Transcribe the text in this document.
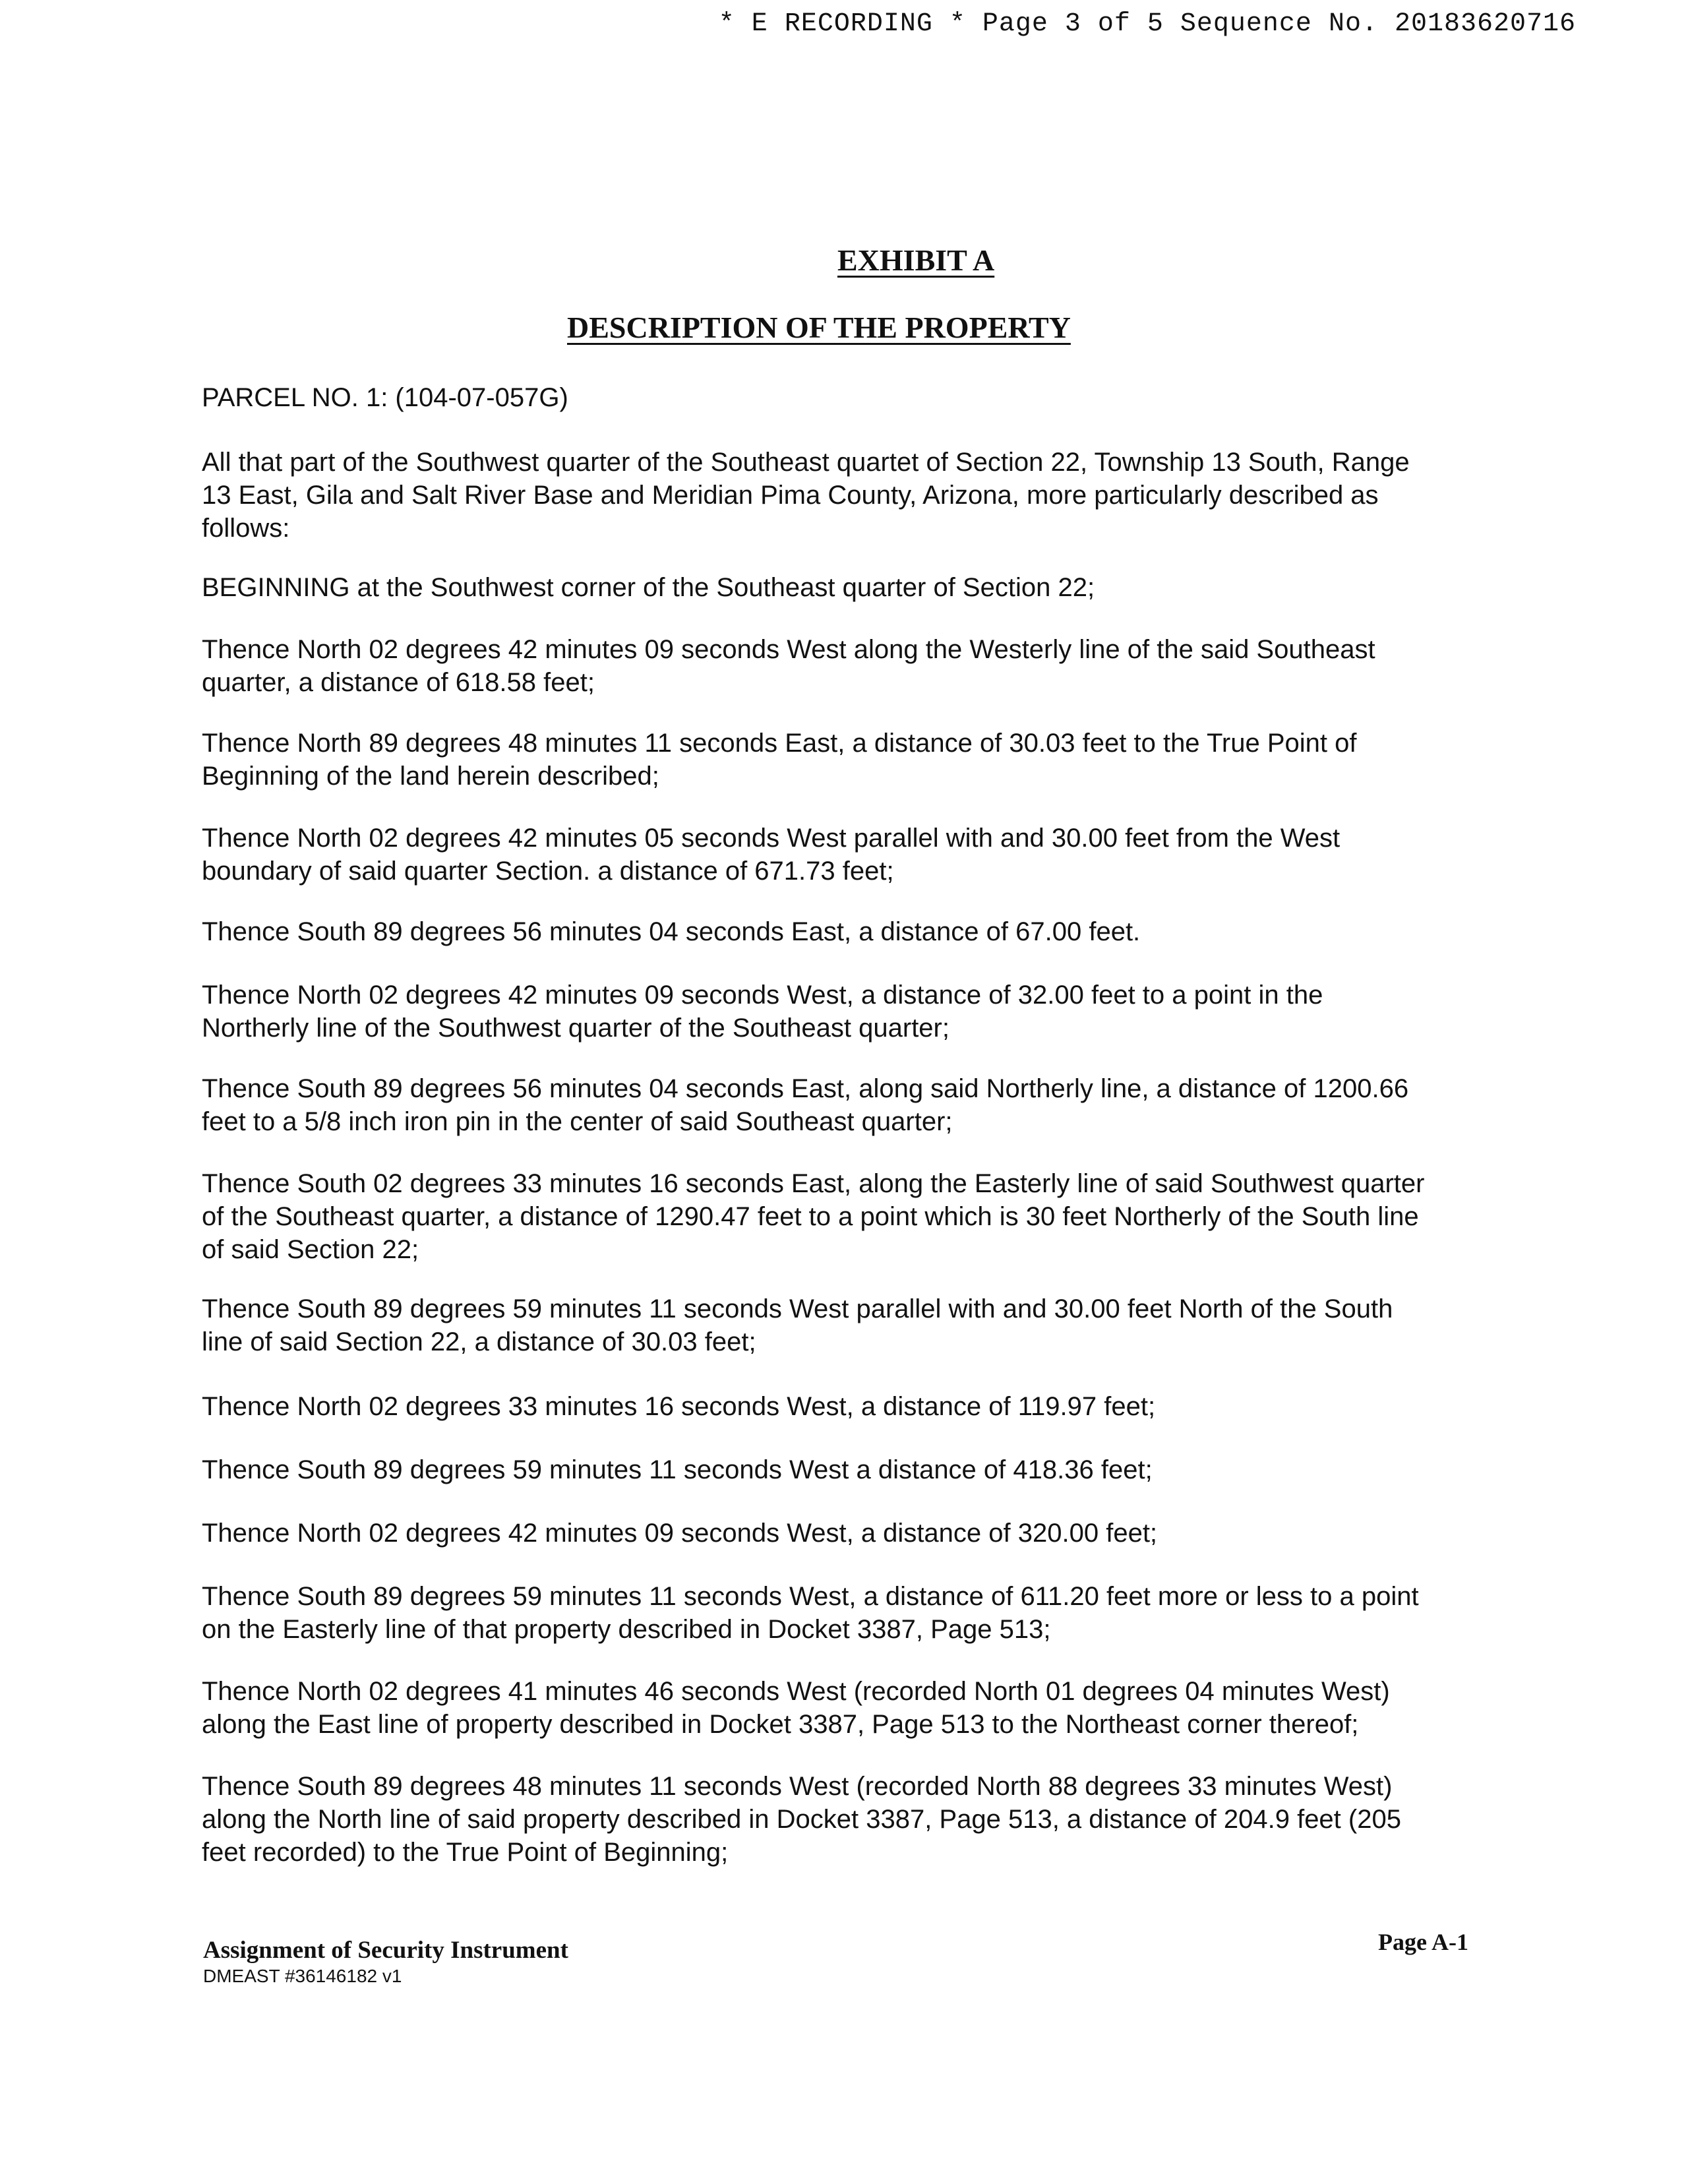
* E RECORDING * Page 3 of 5 Sequence No. 20183620716
EXHIBIT A
DESCRIPTION OF THE PROPERTY
PARCEL NO. 1: (104-07-057G)
All that part of the Southwest quarter of the Southeast quartet of Section 22, Township 13 South, Range
13 East, Gila and Salt River Base and Meridian Pima County, Arizona, more particularly described as
follows:
BEGINNING at the Southwest corner of the Southeast quarter of Section 22;
Thence North 02 degrees 42 minutes 09 seconds West along the Westerly line of the said Southeast
quarter, a distance of 618.58 feet;
Thence North 89 degrees 48 minutes 11 seconds East, a distance of 30.03 feet to the True Point of
Beginning of the land herein described;
Thence North 02 degrees 42 minutes 05 seconds West parallel with and 30.00 feet from the West
boundary of said quarter Section. a distance of 671.73 feet;
Thence South 89 degrees 56 minutes 04 seconds East, a distance of 67.00 feet.
Thence North 02 degrees 42 minutes 09 seconds West, a distance of 32.00 feet to a point in the
Northerly line of the Southwest quarter of the Southeast quarter;
Thence South 89 degrees 56 minutes 04 seconds East, along said Northerly line, a distance of 1200.66
feet to a 5/8 inch iron pin in the center of said Southeast quarter;
Thence South 02 degrees 33 minutes 16 seconds East, along the Easterly line of said Southwest quarter
of the Southeast quarter, a distance of 1290.47 feet to a point which is 30 feet Northerly of the South line
of said Section 22;
Thence South 89 degrees 59 minutes 11 seconds West parallel with and 30.00 feet North of the South
line of said Section 22, a distance of 30.03 feet;
Thence North 02 degrees 33 minutes 16 seconds West, a distance of 119.97 feet;
Thence South 89 degrees 59 minutes 11 seconds West a distance of 418.36 feet;
Thence North 02 degrees 42 minutes 09 seconds West, a distance of 320.00 feet;
Thence South 89 degrees 59 minutes 11 seconds West, a distance of 611.20 feet more or less to a point
on the Easterly line of that property described in Docket 3387, Page 513;
Thence North 02 degrees 41 minutes 46 seconds West (recorded North 01 degrees 04 minutes West)
along the East line of property described in Docket 3387, Page 513 to the Northeast corner thereof;
Thence South 89 degrees 48 minutes 11 seconds West (recorded North 88 degrees 33 minutes West)
along the North line of said property described in Docket 3387, Page 513, a distance of 204.9 feet (205
feet recorded) to the True Point of Beginning;
Assignment of Security Instrument
DMEAST #36146182 v1
Page A-1
